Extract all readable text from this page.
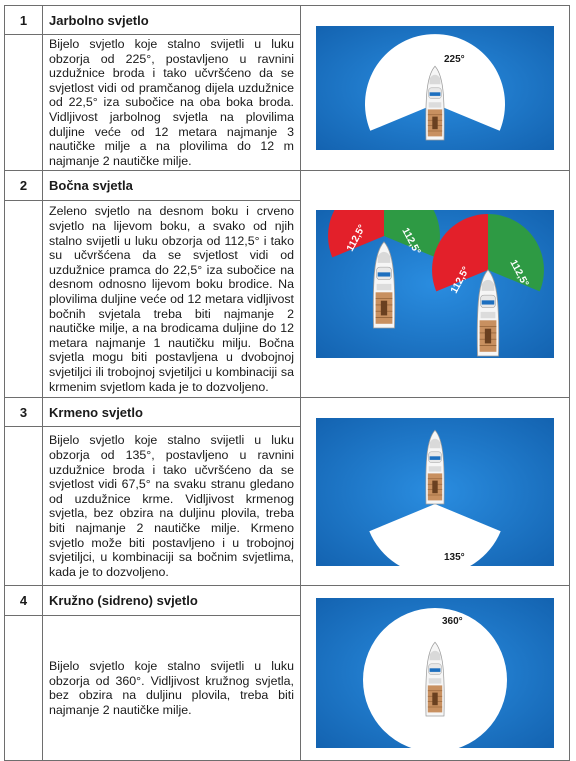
1	Jarbolno svjetlo	225°

	Bijelo svjetlo koje stalno svijetli u luku obzorja od 225°, postavljeno u ravnini uzdužnice broda i tako učvršćeno da se svjetlost vidi od pramčanog dijela uzdužnice od 22,5° iza subočice na oba boka broda. Vidljivost jarbolnog svjetla na plovilima duljine veće od 12 metara najmanje 3 nautičke milje a na plovilima do 12 m najmanje 2 nautičke milje.	
2	Bočna svjetla	112,5° 112,5°
112,5° 112,5°

	Zeleno svjetlo na desnom boku i crveno svjetlo na lijevom boku, a svako od njih stalno svijetli u luku obzorja od 112,5° i tako su učvršćena da se svjetlost vidi od uzdužnice pramca do 22,5° iza subočice na desnom odnosno lijevom boku brodice. Na plovilima duljine veće od 12 metara vidljivost bočnih svjetala treba biti najmanje 2 nautičke milje, a na brodicama duljine do 12 metara najmanje 1 nautičku milju. Bočna svjetla mogu biti postavljena u dvobojnoj svjetiljci ili trobojnoj svjetiljci u kombinaciji sa krmenim svjetlom kada je to dozvoljeno.	
3	Krmeno svjetlo	135°

	Bijelo svjetlo koje stalno svijetli u luku obzorja od 135°, postavljeno u ravnini uzdužnice broda i tako učvršćeno da se svjetlost vidi 67,5° na svaku stranu gledano od uzdužnice krme. Vidljivost krmenog svjetla, bez obzira na duljinu plovila, treba biti najmanje 2 nautičke milje. Krmeno svjetlo može biti postavljeno i u trobojnoj svjetiljci, u kombinaciji sa bočnim svjetlima, kada je to dozvoljeno.	
4	Kružno (sidreno) svjetlo	360°

	Bijelo svjetlo koje stalno svijetli u luku obzorja od 360°. Vidljivost kružnog svjetla, bez obzira na duljinu plovila, treba biti najmanje 2 nautičke milje.	
